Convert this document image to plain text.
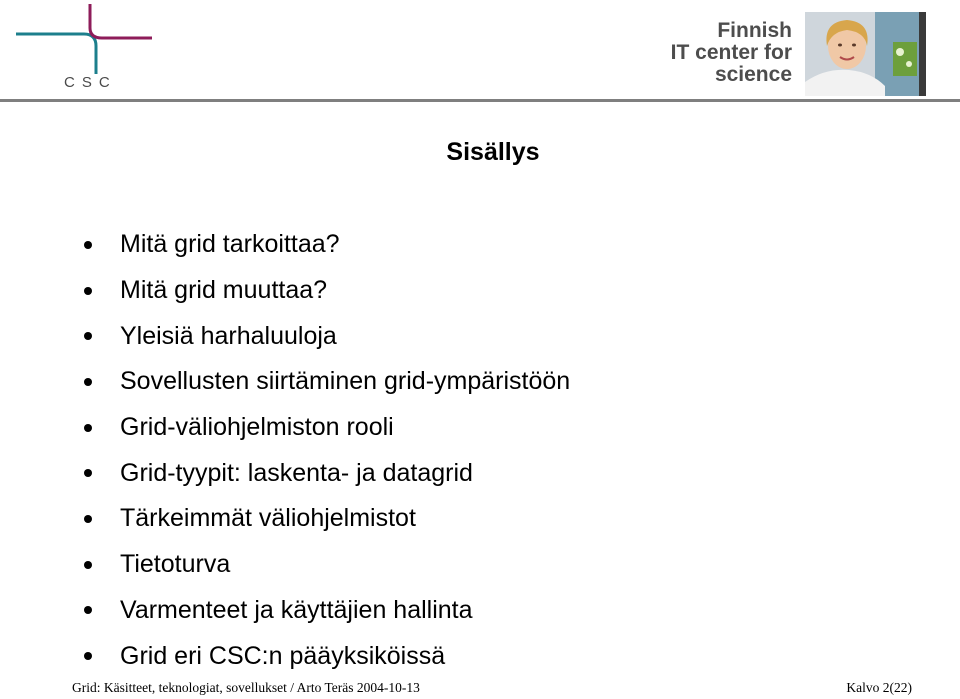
CSC

Finnish
IT center for
science
Sisällys
Mitä grid tarkoittaa?
Mitä grid muuttaa?
Yleisiä harhaluuloja
Sovellusten siirtäminen grid-ympäristöön
Grid-väliohjelmiston rooli
Grid-tyypit: laskenta- ja datagrid
Tärkeimmät väliohjelmistot
Tietoturva
Varmenteet ja käyttäjien hallinta
Grid eri CSC:n pääyksiköissä
Grid: Käsitteet, teknologiat, sovellukset / Arto Teräs 2004-10-13	Kalvo 2(22)
